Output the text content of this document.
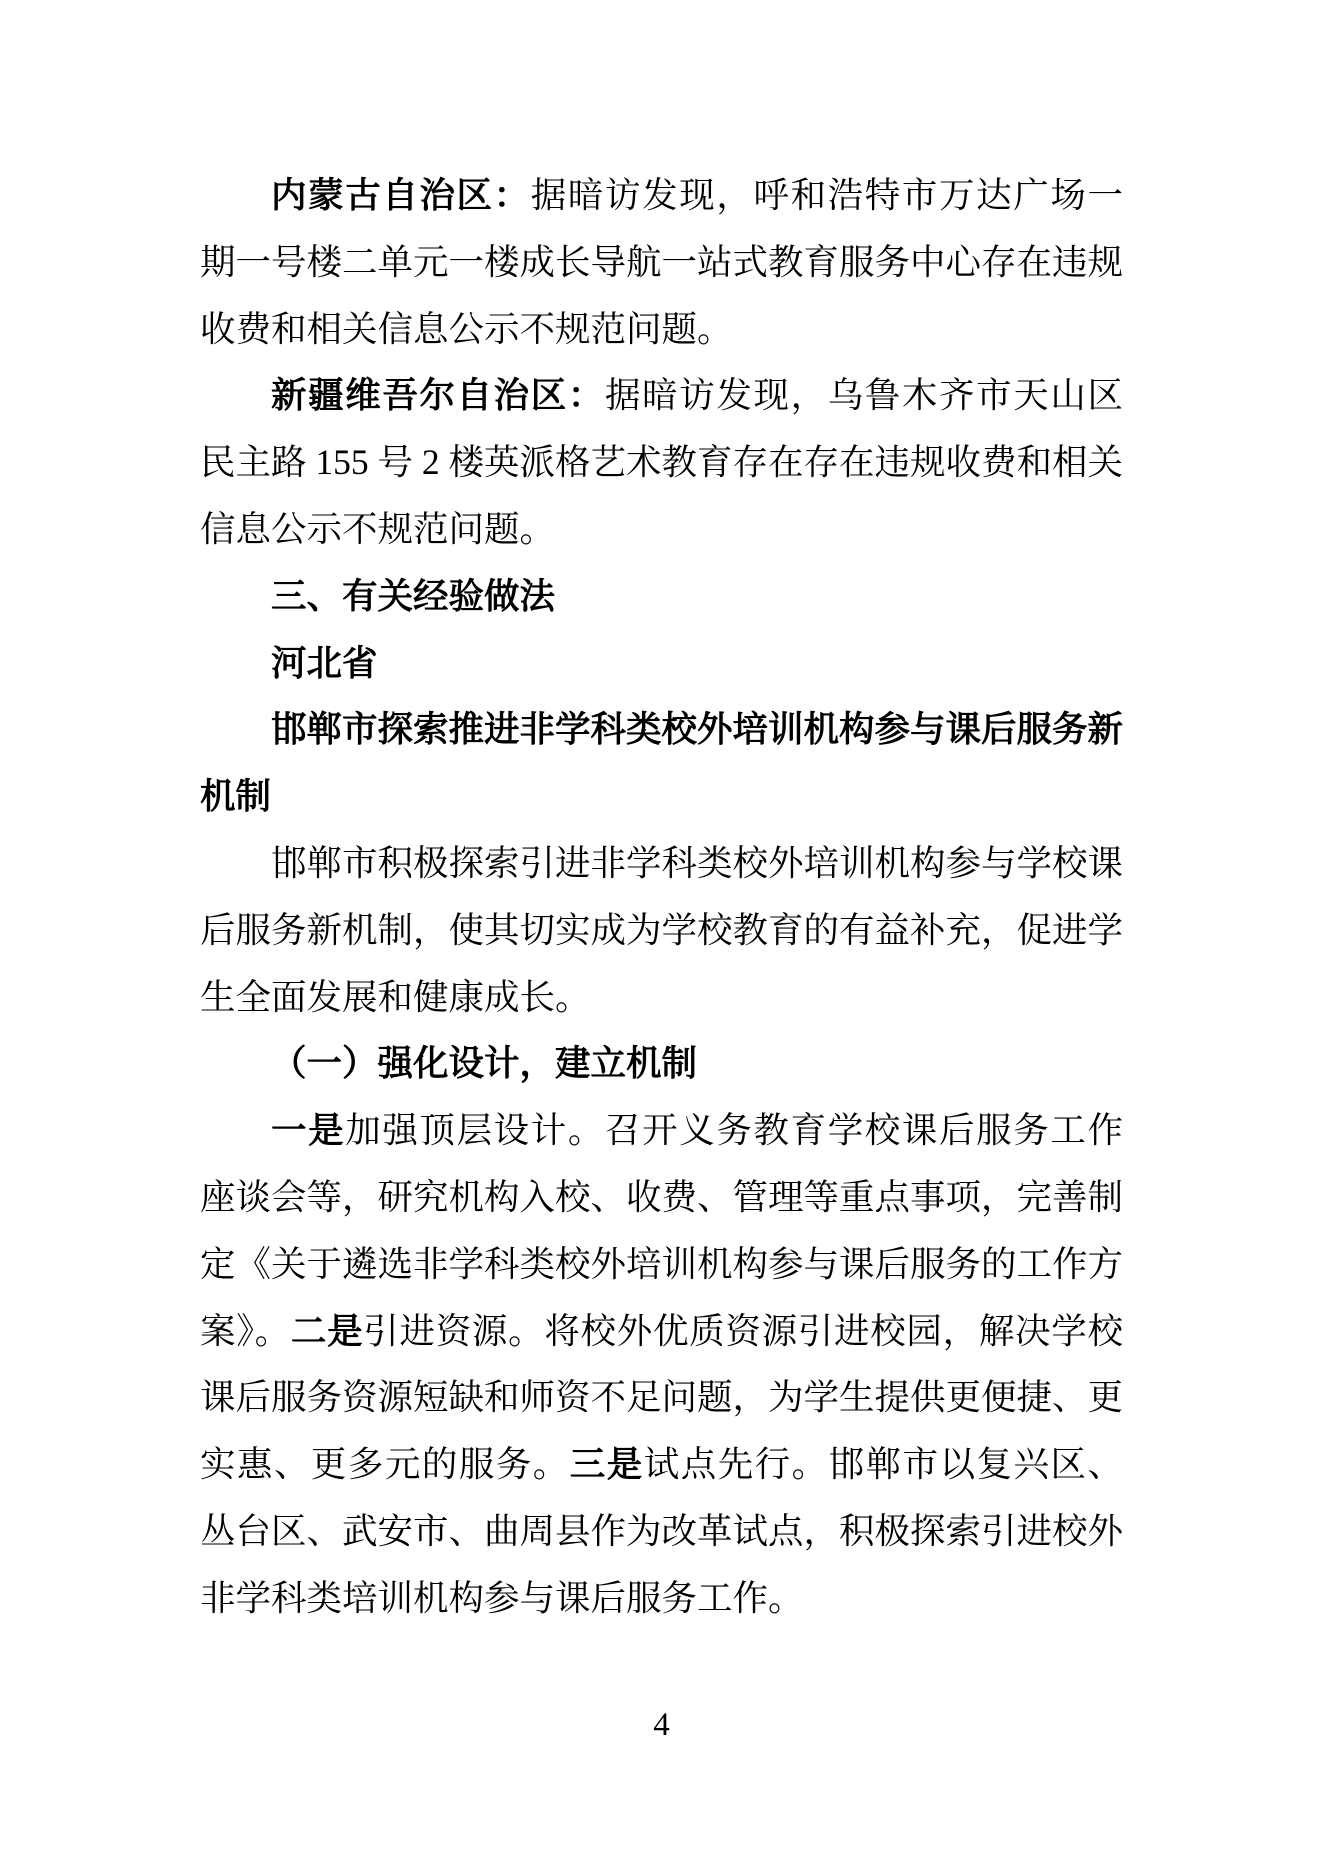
内蒙古自治区：据暗访发现，呼和浩特市万达广场一期一号楼二单元一楼成长导航一站式教育服务中心存在违规收费和相关信息公示不规范问题。

新疆维吾尔自治区：据暗访发现，乌鲁木齐市天山区民主路 155 号 2 楼英派格艺术教育存在存在违规收费和相关信息公示不规范问题。

三、有关经验做法

河北省

邯郸市探索推进非学科类校外培训机构参与课后服务新机制

邯郸市积极探索引进非学科类校外培训机构参与学校课后服务新机制，使其切实成为学校教育的有益补充，促进学生全面发展和健康成长。

（一）强化设计，建立机制

一是加强顶层设计。召开义务教育学校课后服务工作座谈会等，研究机构入校、收费、管理等重点事项，完善制定《关于遴选非学科类校外培训机构参与课后服务的工作方案》。二是引进资源。将校外优质资源引进校园，解决学校课后服务资源短缺和师资不足问题，为学生提供更便捷、更实惠、更多元的服务。三是试点先行。邯郸市以复兴区、丛台区、武安市、曲周县作为改革试点，积极探索引进校外非学科类培训机构参与课后服务工作。

4
